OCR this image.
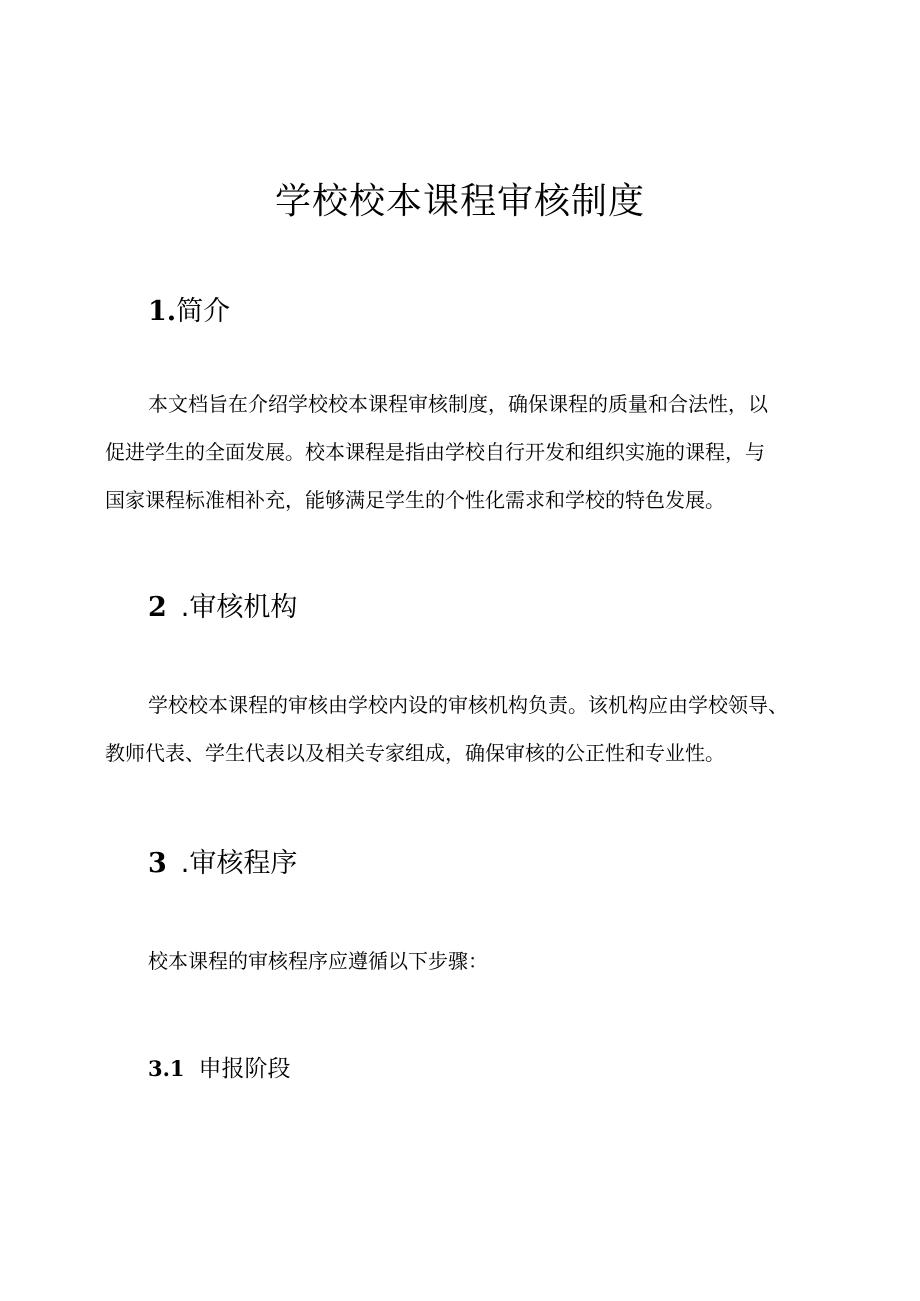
学校校本课程审核制度
1.简介
本文档旨在介绍学校校本课程审核制度，确保课程的质量和合法性，以
促进学生的全面发展。校本课程是指由学校自行开发和组织实施的课程，与
国家课程标准相补充，能够满足学生的个性化需求和学校的特色发展。
2 .审核机构
学校校本课程的审核由学校内设的审核机构负责。该机构应由学校领导、
教师代表、学生代表以及相关专家组成，确保审核的公正性和专业性。
3 .审核程序
校本课程的审核程序应遵循以下步骤：
3.1 申报阶段
